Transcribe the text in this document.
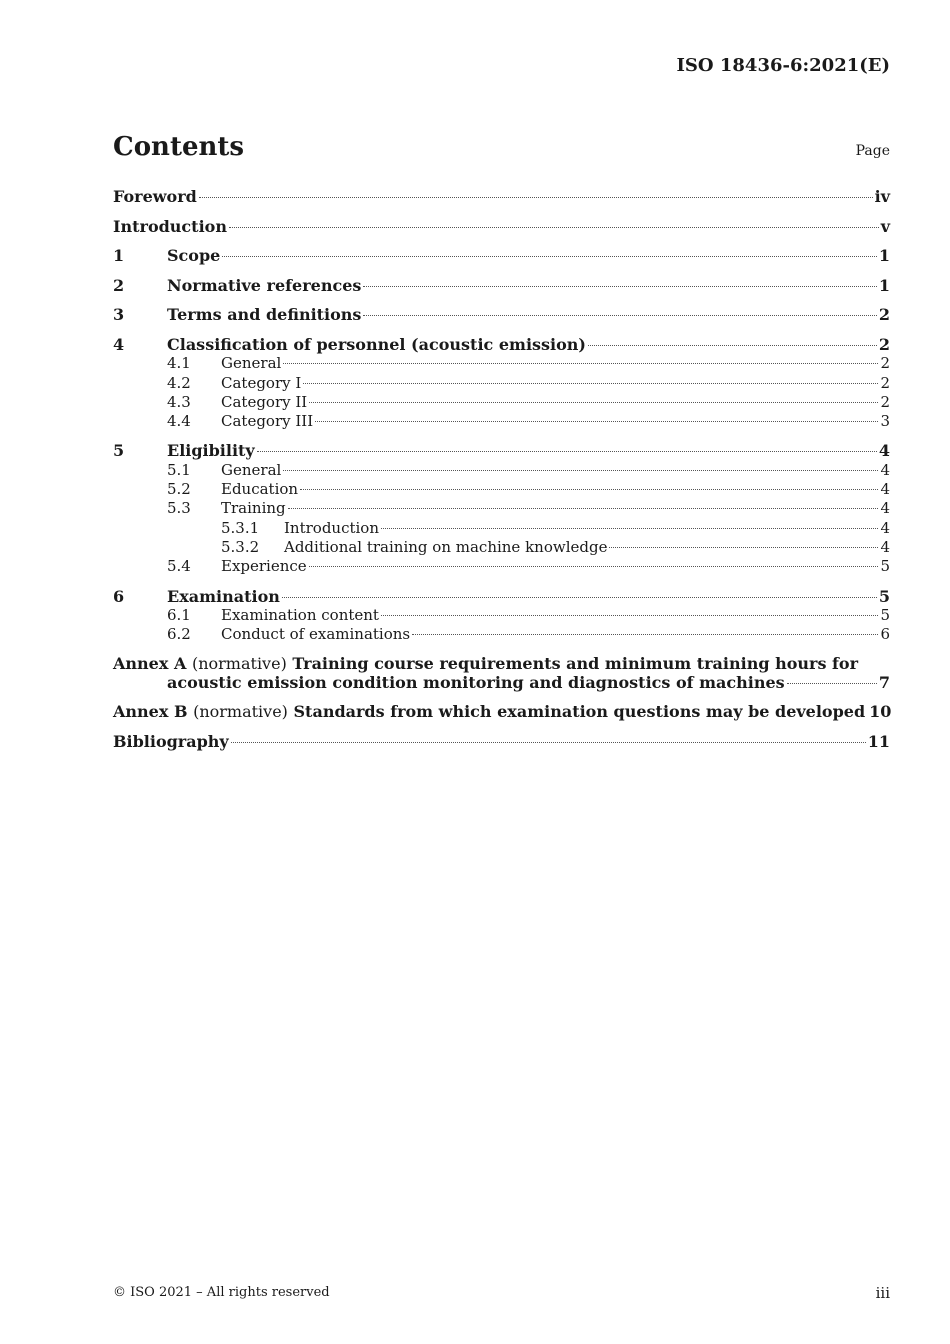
ISO 18436-6:2021(E)
Contents	Page
Foreword	iv
Introduction	v
1	Scope	1
2	Normative references	1
3	Terms and definitions	2
4	Classification of personnel (acoustic emission)	2
4.1	General	2
4.2	Category I	2
4.3	Category II	2
4.4	Category III	3
5	Eligibility	4
5.1	General	4
5.2	Education	4
5.3	Training	4
5.3.1	Introduction	4
5.3.2	Additional training on machine knowledge	4
5.4	Experience	5
6	Examination	5
6.1	Examination content	5
6.2	Conduct of examinations	6
Annex A (normative) Training course requirements and minimum training hours for
acoustic emission condition monitoring and diagnostics of machines	7
Annex B (normative) Standards from which examination questions may be developed 10
Bibliography	11
© ISO 2021 – All rights reserved	iii
